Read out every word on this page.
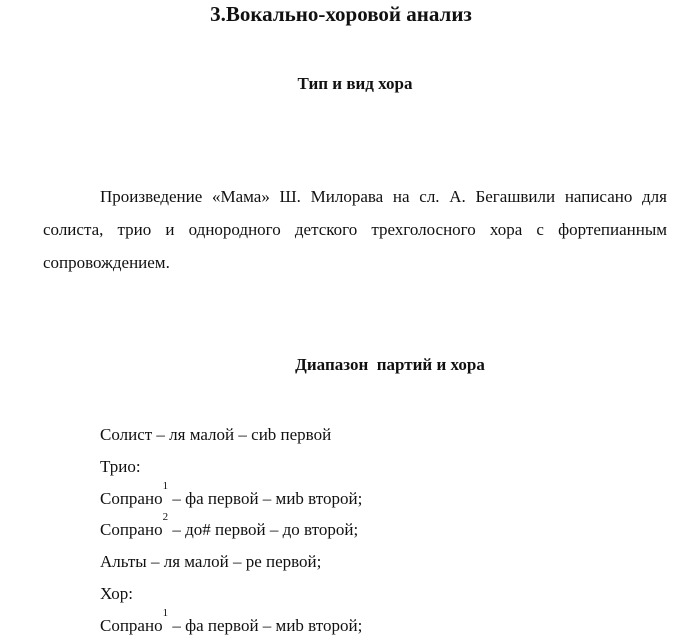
3.Вокально-хоровой анализ
Тип и вид хора
Произведение «Мама» Ш. Милорава на сл. А. Бегашвили написано для
солиста, трио и однородного детского трехголосного хора с фортепианным
сопровождением.
Диапазон  партий и хора
Солист – ля малой – сиb первой
Трио:
Сопрано$^1$ – фа первой – миb второй;
Сопрано$^2$ – до# первой – до второй;
Альты – ля малой – ре первой;
Хор:
Сопрано$^1$ – фа первой – миb второй;
